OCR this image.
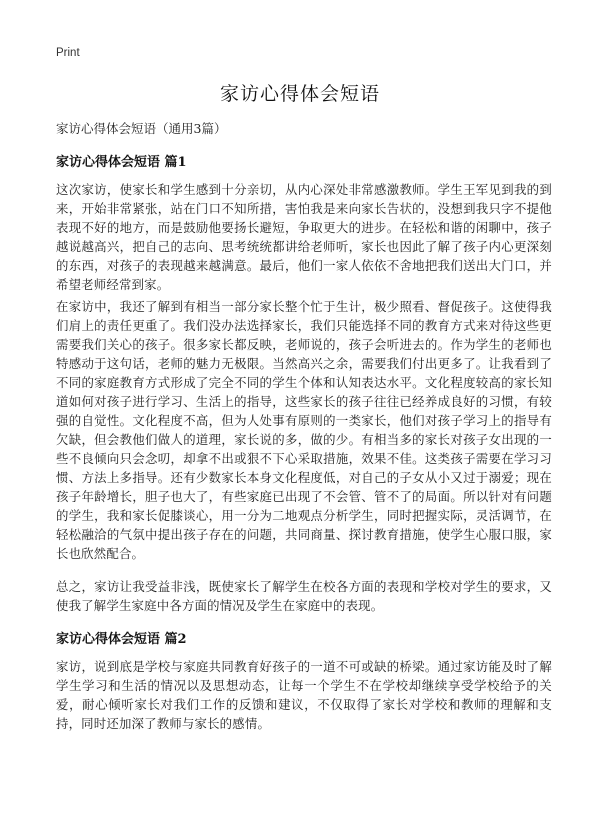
Print
家访心得体会短语

家访心得体会短语（通用3篇）

家访心得体会短语 篇1

这次家访，使家长和学生感到十分亲切，从内心深处非常感激教师。学生王军见到我的到来，开始非常紧张，站在门口不知所措，害怕我是来向家长告状的，没想到我只字不提他表现不好的地方，而是鼓励他要扬长避短，争取更大的进步。在轻松和谐的闲聊中，孩子越说越高兴，把自己的志向、思考统统都讲给老师听，家长也因此了解了孩子内心更深刻的东西，对孩子的表现越来越满意。最后，他们一家人依依不舍地把我们送出大门口，并希望老师经常到家。

在家访中，我还了解到有相当一部分家长整个忙于生计，极少照看、督促孩子。这使得我们肩上的责任更重了。我们没办法选择家长，我们只能选择不同的教育方式来对待这些更需要我们关心的孩子。很多家长都反映，老师说的，孩子会听进去的。作为学生的老师也特感动于这句话，老师的魅力无极限。当然高兴之余，需要我们付出更多了。让我看到了不同的家庭教育方式形成了完全不同的学生个体和认知表达水平。文化程度较高的家长知道如何对孩子进行学习、生活上的指导，这些家长的孩子往往已经养成良好的习惯，有较强的自觉性。文化程度不高，但为人处事有原则的一类家长，他们对孩子学习上的指导有欠缺，但会教他们做人的道理，家长说的多，做的少。有相当多的家长对孩子女出现的一些不良倾向只会念叨，却拿不出或狠不下心采取措施，效果不佳。这类孩子需要在学习习惯、方法上多指导。还有少数家长本身文化程度低，对自己的子女从小又过于溺爱；现在孩子年龄增长，胆子也大了，有些家庭已出现了不会管、管不了的局面。所以针对有问题的学生，我和家长促膝谈心，用一分为二地观点分析学生，同时把握实际，灵活调节，在轻松融洽的气氛中提出孩子存在的问题，共同商量、探讨教育措施，使学生心服口服，家长也欣然配合。

总之，家访让我受益非浅，既使家长了解学生在校各方面的表现和学校对学生的要求，又使我了解学生家庭中各方面的情况及学生在家庭中的表现。

家访心得体会短语 篇2

家访，说到底是学校与家庭共同教育好孩子的一道不可或缺的桥梁。通过家访能及时了解学生学习和生活的情况以及思想动态，让每一个学生不在学校却继续享受学校给予的关爱，耐心倾听家长对我们工作的反馈和建议，不仅取得了家长对学校和教师的理解和支持，同时还加深了教师与家长的感情。
